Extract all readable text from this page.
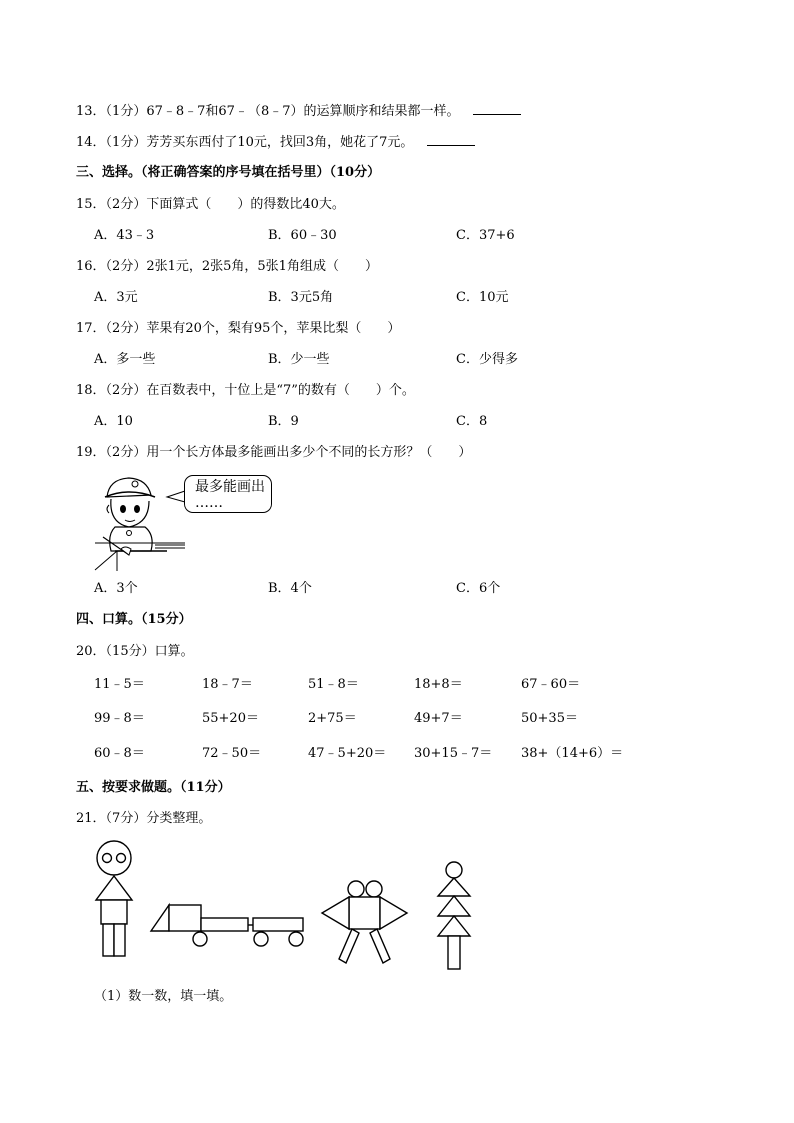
13．（1分）67﹣8﹣7和67﹣（8﹣7）的运算顺序和结果都一样。
14．（1分）芳芳买东西付了10元，找回3角，她花了7元。
三、选择。（将正确答案的序号填在括号里）（10分）
15．（2分）下面算式（　　）的得数比40大。
A．43﹣3	B．60﹣30	C．37+6
16．（2分）2张1元，2张5角，5张1角组成（　　）
A．3元	B．3元5角	C．10元
17．（2分）苹果有20个，梨有95个，苹果比梨（　　）
A．多一些	B．少一些	C．少得多
18．（2分）在百数表中，十位上是“7”的数有（　　）个。
A．10	B．9	C．8
19．（2分）用一个长方体最多能画出多少个不同的长方形？（　　）
最多能画出
……
A．3个	B．4个	C．6个
四、口算。（15分）
20．（15分）口算。
11﹣5＝	18﹣7＝	51﹣8＝	18+8＝	67﹣60＝
99﹣8＝	55+20＝	2+75＝	49+7＝	50+35＝
60﹣8＝	72﹣50＝	47﹣5+20＝ 30+15﹣7＝ 38+（14+6）＝
五、按要求做题。（11分）
21．（7分）分类整理。
（1）数一数，填一填。
